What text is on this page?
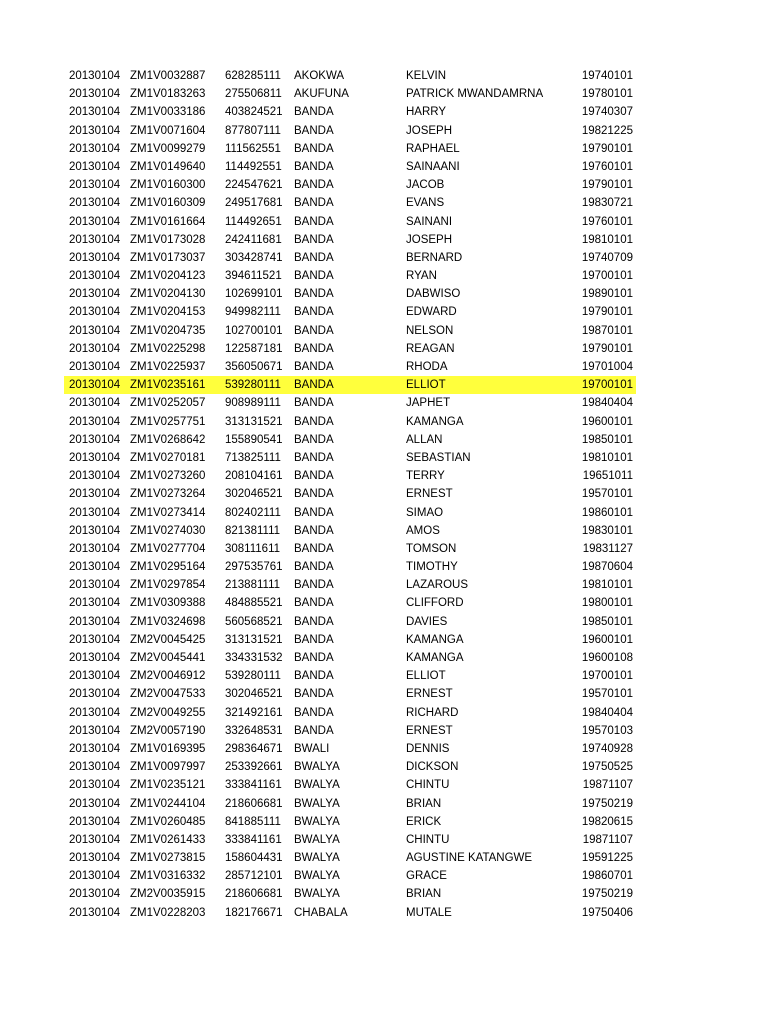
20130104 ZM1V0032887 628285111 AKOKWA	KELVIN	19740101
20130104 ZM1V0183263 275506811 AKUFUNA	PATRICK MWANDAMRNA	19780101
20130104 ZM1V0033186 403824521 BANDA	HARRY	19740307
20130104 ZM1V0071604 877807111 BANDA	JOSEPH	19821225
20130104 ZM1V0099279 111562551 BANDA	RAPHAEL	19790101
20130104 ZM1V0149640 114492551 BANDA	SAINAANI	19760101
20130104 ZM1V0160300 224547621 BANDA	JACOB	19790101
20130104 ZM1V0160309 249517681 BANDA	EVANS	19830721
20130104 ZM1V0161664 114492651 BANDA	SAINANI	19760101
20130104 ZM1V0173028 242411681 BANDA	JOSEPH	19810101
20130104 ZM1V0173037 303428741 BANDA	BERNARD	19740709
20130104 ZM1V0204123 394611521 BANDA	RYAN	19700101
20130104 ZM1V0204130 102699101 BANDA	DABWISO	19890101
20130104 ZM1V0204153 949982111 BANDA	EDWARD	19790101
20130104 ZM1V0204735 102700101 BANDA	NELSON	19870101
20130104 ZM1V0225298 122587181 BANDA	REAGAN	19790101
20130104 ZM1V0225937 356050671 BANDA	RHODA	19701004
20130104 ZM1V0235161 539280111 BANDA	ELLIOT	19700101
20130104 ZM1V0252057 908989111 BANDA	JAPHET	19840404
20130104 ZM1V0257751 313131521 BANDA	KAMANGA	19600101
20130104 ZM1V0268642 155890541 BANDA	ALLAN	19850101
20130104 ZM1V0270181 713825111 BANDA	SEBASTIAN	19810101
20130104 ZM1V0273260 208104161 BANDA	TERRY	19651011
20130104 ZM1V0273264 302046521 BANDA	ERNEST	19570101
20130104 ZM1V0273414 802402111 BANDA	SIMAO	19860101
20130104 ZM1V0274030 821381111 BANDA	AMOS	19830101
20130104 ZM1V0277704 308111611 BANDA	TOMSON	19831127
20130104 ZM1V0295164 297535761 BANDA	TIMOTHY	19870604
20130104 ZM1V0297854 213881111 BANDA	LAZAROUS	19810101
20130104 ZM1V0309388 484885521 BANDA	CLIFFORD	19800101
20130104 ZM1V0324698 560568521 BANDA	DAVIES	19850101
20130104 ZM2V0045425 313131521 BANDA	KAMANGA	19600101
20130104 ZM2V0045441 334331532 BANDA	KAMANGA	19600108
20130104 ZM2V0046912 539280111 BANDA	ELLIOT	19700101
20130104 ZM2V0047533 302046521 BANDA	ERNEST	19570101
20130104 ZM2V0049255 321492161 BANDA	RICHARD	19840404
20130104 ZM2V0057190 332648531 BANDA	ERNEST	19570103
20130104 ZM1V0169395 298364671 BWALI	DENNIS	19740928
20130104 ZM1V0097997 253392661 BWALYA	DICKSON	19750525
20130104 ZM1V0235121 333841161 BWALYA	CHINTU	19871107
20130104 ZM1V0244104 218606681 BWALYA	BRIAN	19750219
20130104 ZM1V0260485 841885111 BWALYA	ERICK	19820615
20130104 ZM1V0261433 333841161 BWALYA	CHINTU	19871107
20130104 ZM1V0273815 158604431 BWALYA	AGUSTINE KATANGWE	19591225
20130104 ZM1V0316332 285712101 BWALYA	GRACE	19860701
20130104 ZM2V0035915 218606681 BWALYA	BRIAN	19750219
20130104 ZM1V0228203 182176671 CHABALA	MUTALE	19750406
